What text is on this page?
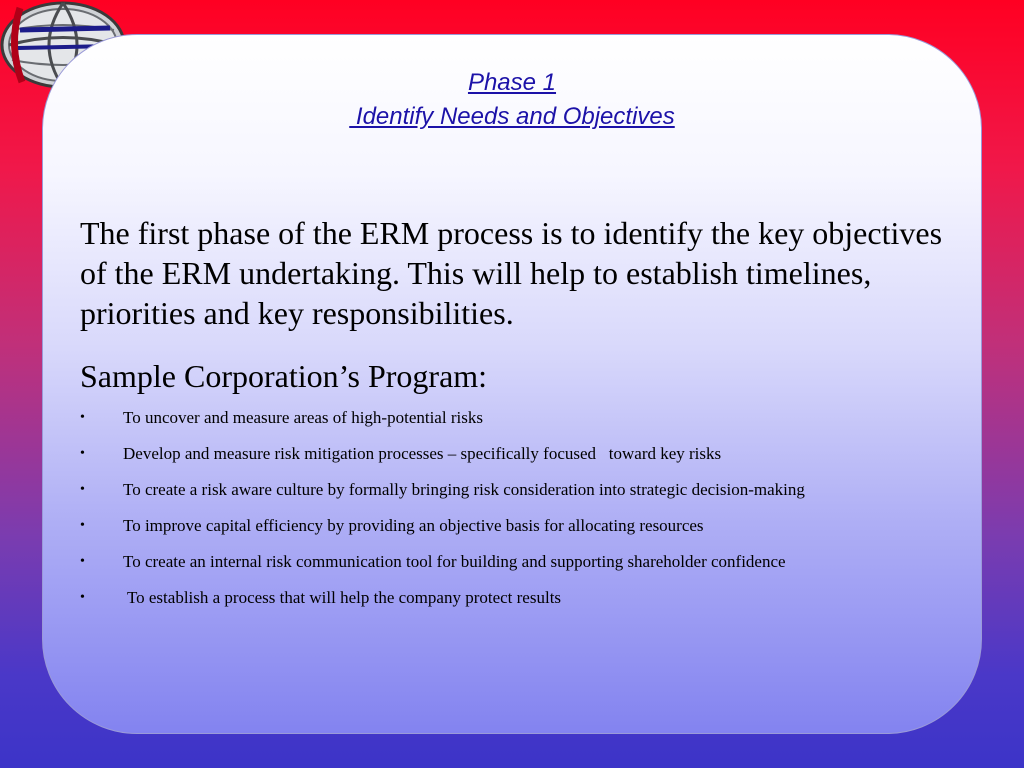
Phase 1
Identify Needs and Objectives
The first phase of the ERM process is to identify the key objectives of the ERM undertaking. This will help to establish timelines, priorities and key responsibilities.
Sample Corporation’s Program:

•

	To uncover and measure areas of high-potential risks

•

	Develop and measure risk mitigation processes – specifically focused   toward key risks

•

	To create a risk aware culture by formally bringing risk consideration into strategic decision-making

•

	To improve capital efficiency by providing an objective basis for allocating resources

•

	To create an internal risk communication tool for building and supporting shareholder confidence

•

	To establish a process that will help the company protect results
